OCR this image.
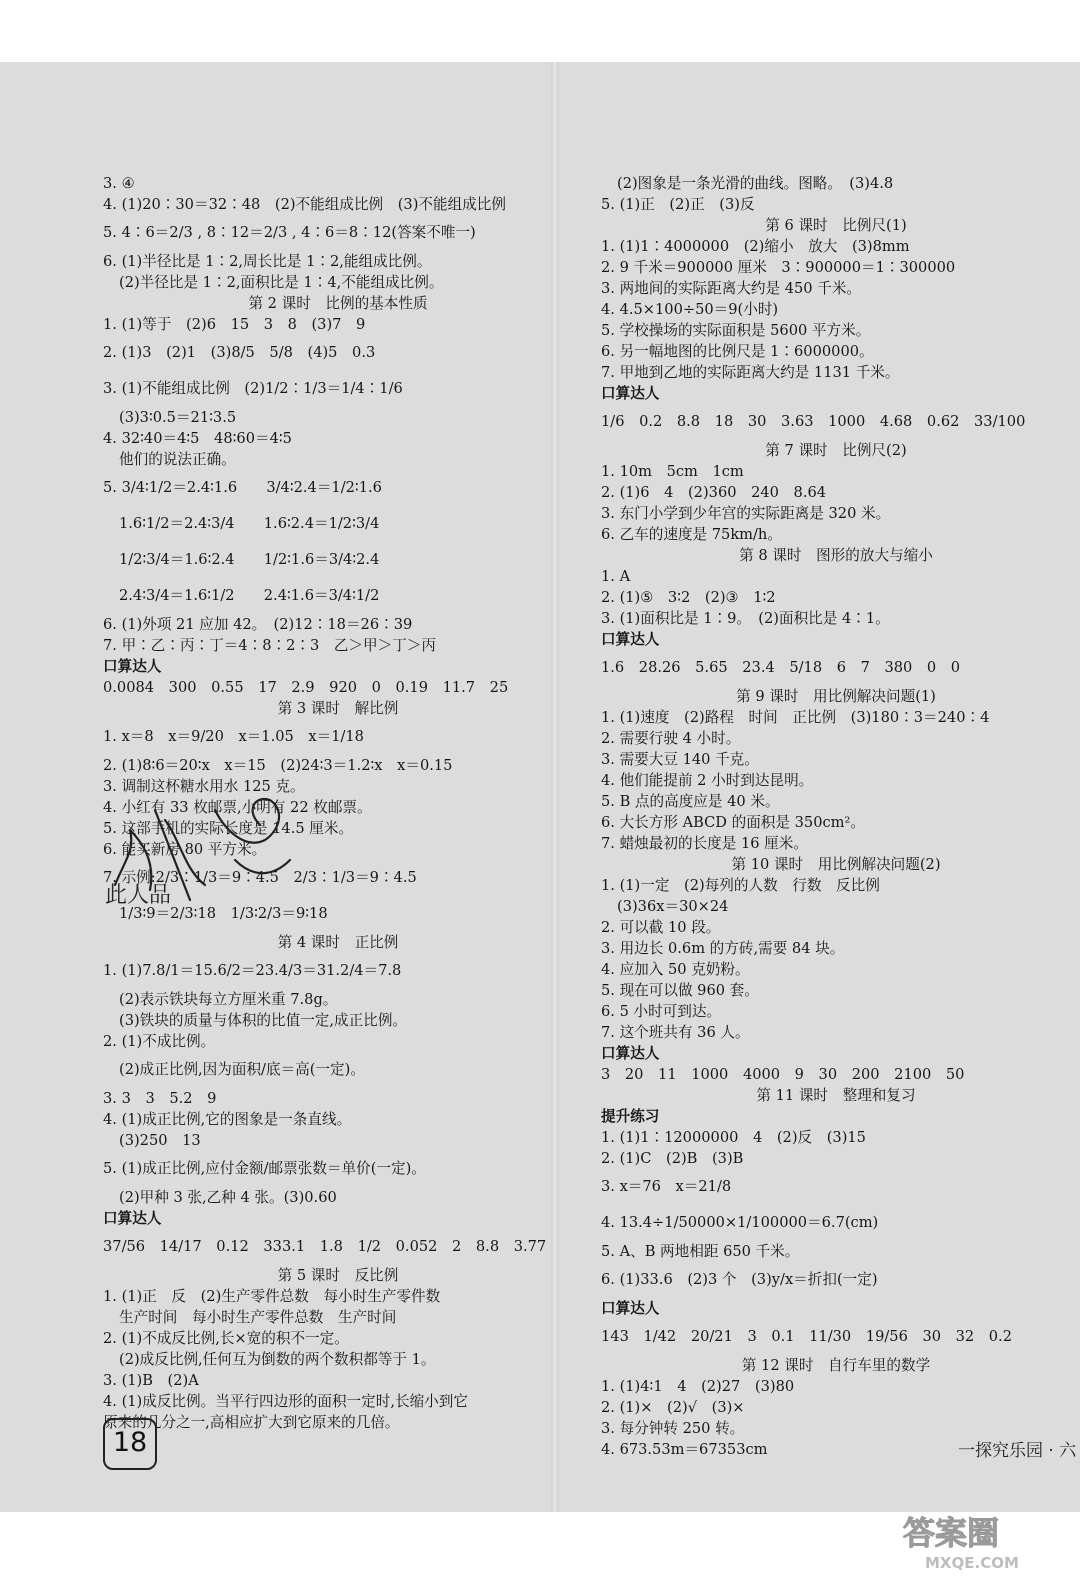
3. ④
4. (1)20∶30＝32∶48　(2)不能组成比例　(3)不能组成比例
5. 4∶6＝2/3 , 8∶12＝2/3 , 4∶6＝8∶12(答案不唯一)
6. (1)半径比是 1∶2,周长比是 1∶2,能组成比例。
(2)半径比是 1∶2,面积比是 1∶4,不能组成比例。
第 2 课时　比例的基本性质
1. (1)等于　(2)6　15　3　8　(3)7　9
2. (1)3　(2)1　(3)8/5　5/8　(4)5　0.3
3. (1)不能组成比例　(2)1/2∶1/3＝1/4∶1/6
(3)3∶0.5＝21∶3.5
4. 32∶40＝4∶5　48∶60＝4∶5
他们的说法正确。
5. 3/4∶1/2＝2.4∶1.6　　3/4∶2.4＝1/2∶1.6
1.6∶1/2＝2.4∶3/4　　1.6∶2.4＝1/2∶3/4
1/2∶3/4＝1.6∶2.4　　1/2∶1.6＝3/4∶2.4
2.4∶3/4＝1.6∶1/2　　2.4∶1.6＝3/4∶1/2
6. (1)外项 21 应加 42。　(2)12∶18＝26∶39
7. 甲∶乙∶丙∶丁＝4∶8∶2∶3　乙＞甲＞丁＞丙
口算达人
0.0084　300　0.55　17　2.9　920　0　0.19　11.7　25
第 3 课时　解比例
1. x＝8　x＝9/20　x＝1.05　x＝1/18
2. (1)8∶6＝20∶x　x＝15　(2)24∶3＝1.2∶x　x＝0.15
3. 调制这杯糖水用水 125 克。
4. 小红有 33 枚邮票,小明有 22 枚邮票。
5. 这部手机的实际长度是 14.5 厘米。
6. 能买新房 80 平方米。
7. 示例:2/3∶1/3＝9∶4.5　2/3∶1/3＝9∶4.5
1/3∶9＝2/3∶18　1/3∶2/3＝9∶18
第 4 课时　正比例
1. (1)7.8/1＝15.6/2＝23.4/3＝31.2/4＝7.8
(2)表示铁块每立方厘米重 7.8g。
(3)铁块的质量与体积的比值一定,成正比例。
2. (1)不成比例。
(2)成正比例,因为面积/底＝高(一定)。
3. 3　3　5.2　9
4. (1)成正比例,它的图象是一条直线。
(3)250　13
5. (1)成正比例,应付金额/邮票张数＝单价(一定)。
(2)甲种 3 张,乙种 4 张。(3)0.60
口算达人
37/56　14/17　0.12　333.1　1.8　1/2　0.052　2　8.8　3.77
第 5 课时　反比例
1. (1)正　反　(2)生产零件总数　每小时生产零件数
生产时间　每小时生产零件总数　生产时间
2. (1)不成反比例,长×宽的积不一定。
(2)成反比例,任何互为倒数的两个数积都等于 1。
3. (1)B　(2)A
4. (1)成反比例。当平行四边形的面积一定时,长缩小到它
原来的几分之一,高相应扩大到它原来的几倍。
(2)图象是一条光滑的曲线。图略。　(3)4.8
5. (1)正　(2)正　(3)反
第 6 课时　比例尺(1)
1. (1)1∶4000000　(2)缩小　放大　(3)8mm
2. 9 千米＝900000 厘米　3∶900000＝1∶300000
3. 两地间的实际距离大约是 450 千米。
4. 4.5×100÷50＝9(小时)
5. 学校操场的实际面积是 5600 平方米。
6. 另一幅地图的比例尺是 1∶6000000。
7. 甲地到乙地的实际距离大约是 1131 千米。
口算达人
1/6　0.2　8.8　18　30　3.63　1000　4.68　0.62　33/100
第 7 课时　比例尺(2)
1. 10m　5cm　1cm
2. (1)6　4　(2)360　240　8.64
3. 东门小学到少年宫的实际距离是 320 米。
6. 乙车的速度是 75km/h。
第 8 课时　图形的放大与缩小
1. A
2. (1)⑤　3∶2　(2)③　1∶2
3. (1)面积比是 1∶9。　(2)面积比是 4∶1。
口算达人
1.6　28.26　5.65　23.4　5/18　6　7　380　0　0
第 9 课时　用比例解决问题(1)
1. (1)速度　(2)路程　时间　正比例　(3)180∶3＝240∶4
2. 需要行驶 4 小时。
3. 需要大豆 140 千克。
4. 他们能提前 2 小时到达昆明。
5. B 点的高度应是 40 米。
6. 大长方形 ABCD 的面积是 350cm²。
7. 蜡烛最初的长度是 16 厘米。
第 10 课时　用比例解决问题(2)
1. (1)一定　(2)每列的人数　行数　反比例
(3)36x＝30×24
2. 可以截 10 段。
3. 用边长 0.6m 的方砖,需要 84 块。
4. 应加入 50 克奶粉。
5. 现在可以做 960 套。
6. 5 小时可到达。
7. 这个班共有 36 人。
口算达人
3　20　11　1000　4000　9　30　200　2100　50
第 11 课时　整理和复习
提升练习
1. (1)1∶12000000　4　(2)反　(3)15
2. (1)C　(2)B　(3)B
3. x＝76　x＝21/8
4. 13.4÷1/50000×1/100000＝6.7(cm)
5. A、B 两地相距 650 千米。
6. (1)33.6　(2)3 个　(3)y/x＝折扣(一定)
口算达人
143　1/42　20/21　3　0.1　11/30　19/56　30　32　0.2
第 12 课时　自行车里的数学
1. (1)4∶1　4　(2)27　(3)80
2. (1)×　(2)√　(3)×
3. 每分钟转 250 转。
4. 673.53m＝67353cm
此人品
18	一探究乐园 · 六
答案圈
MXQE.COM
